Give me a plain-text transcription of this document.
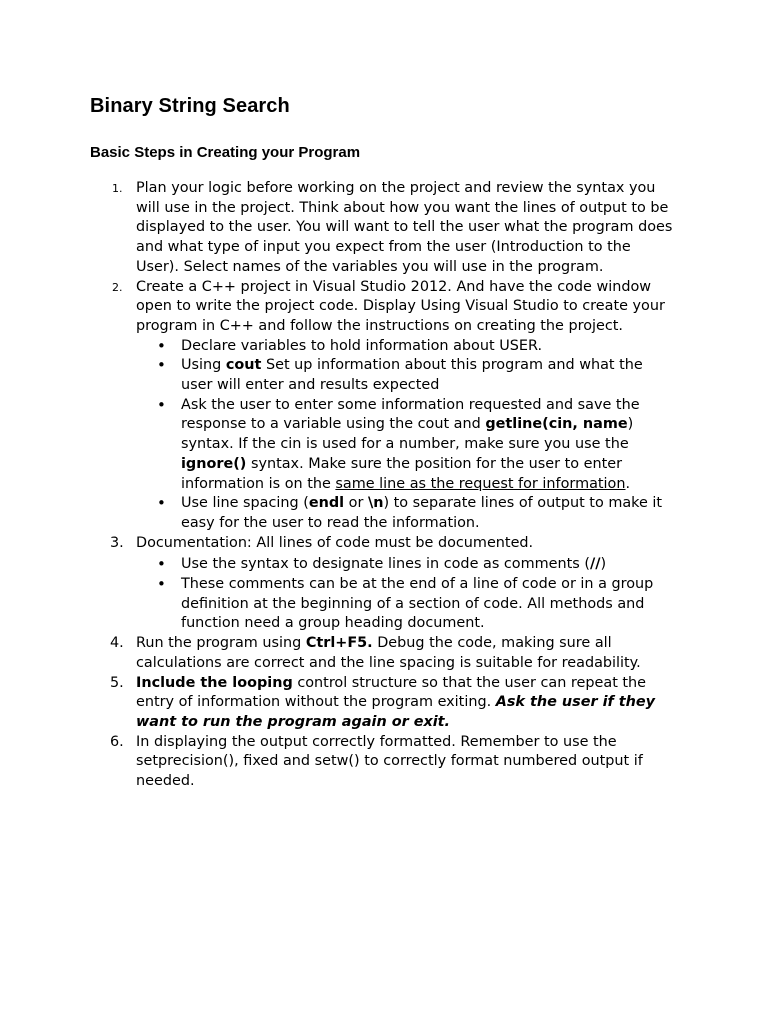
Binary String Search
Basic Steps in Creating your Program
1. Plan your logic before working on the project and review the syntax you will use in the project. Think about how you want the lines of output to be displayed to the user. You will want to tell the user what the program does and what type of input you expect from the user (Introduction to the User). Select names of the variables you will use in the program.
2. Create a C++ project in Visual Studio 2012. And have the code window open to write the project code. Display Using Visual Studio to create your program in C++ and follow the instructions on creating the project.
• Declare variables to hold information about USER.
• Using cout Set up information about this program and what the user will enter and results expected
• Ask the user to enter some information requested and save the response to a variable using the cout and getline(cin, name) syntax. If the cin is used for a number, make sure you use the ignore() syntax. Make sure the position for the user to enter information is on the same line as the request for information.
• Use line spacing (endl or \n) to separate lines of output to make it easy for the user to read the information.
3. Documentation: All lines of code must be documented.
• Use the syntax to designate lines in code as comments (//)
• These comments can be at the end of a line of code or in a group definition at the beginning of a section of code. All methods and function need a group heading document.
4. Run the program using Ctrl+F5. Debug the code, making sure all calculations are correct and the line spacing is suitable for readability.
5. Include the looping control structure so that the user can repeat the entry of information without the program exiting. Ask the user if they want to run the program again or exit.
6. In displaying the output correctly formatted. Remember to use the setprecision(), fixed and setw() to correctly format numbered output if needed.
